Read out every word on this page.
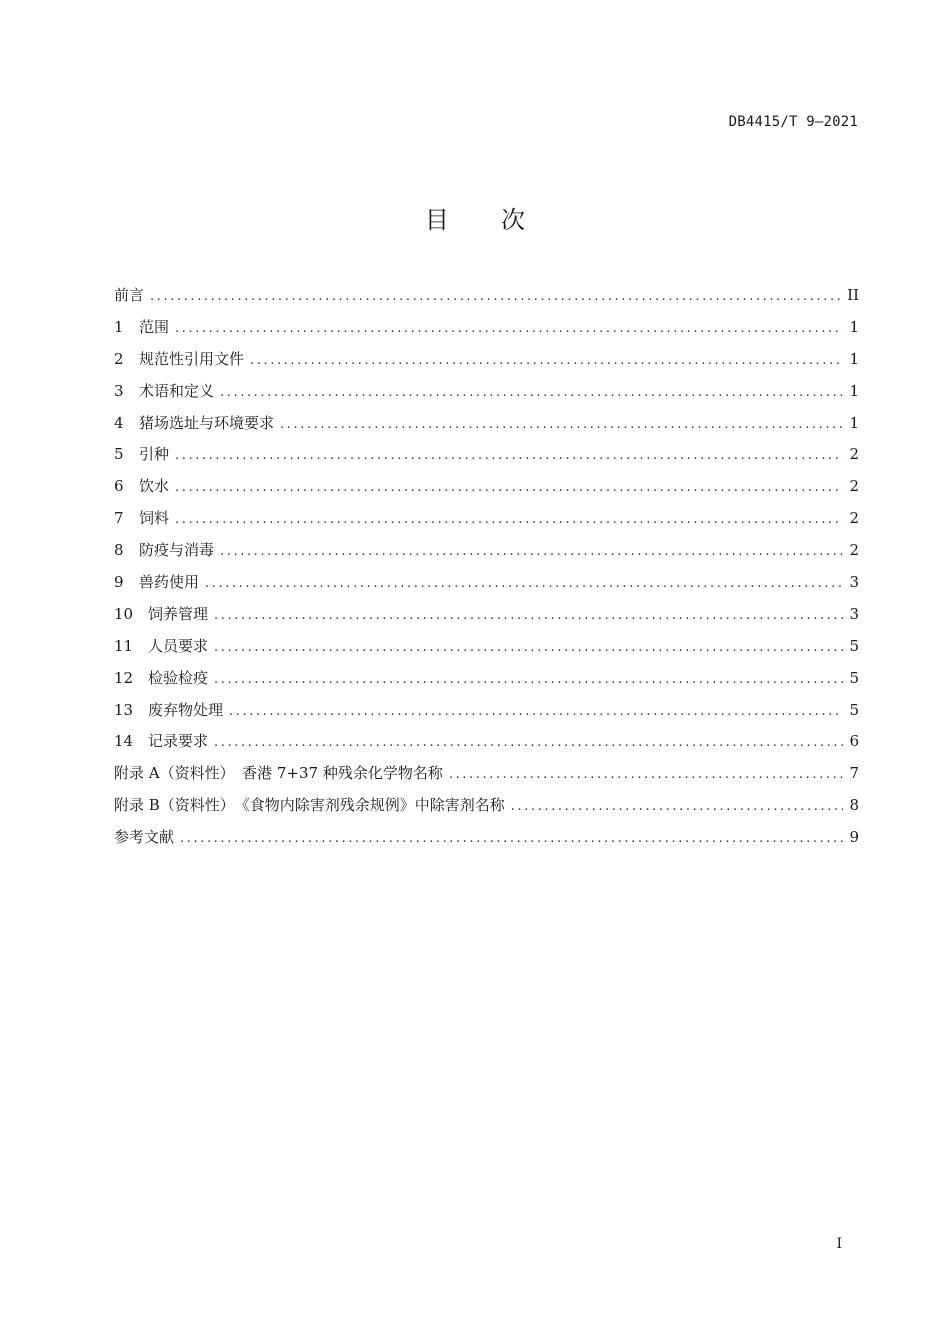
DB4415/T 9—2021
目 次
前言 .....	II
1	范围 .....	1
2	规范性引用文件 .....	1
3	术语和定义 .....	1
4	猪场选址与环境要求 .....	1
5	引种 .....	2
6	饮水 .....	2
7	饲料 .....	2
8	防疫与消毒 .....	2
9	兽药使用 .....	3
10 饲养管理 .....	3
11 人员要求 .....	5
12 检验检疫 .....	5
13 废弃物处理 .....	5
14 记录要求 .....	6
附录 A（资料性）　香港 7+37 种残余化学物名称 .....	7
附录 B（资料性）　《食物内除害剂残余规例》中除害剂名称 .....	8
参考文献 .....	9
I
